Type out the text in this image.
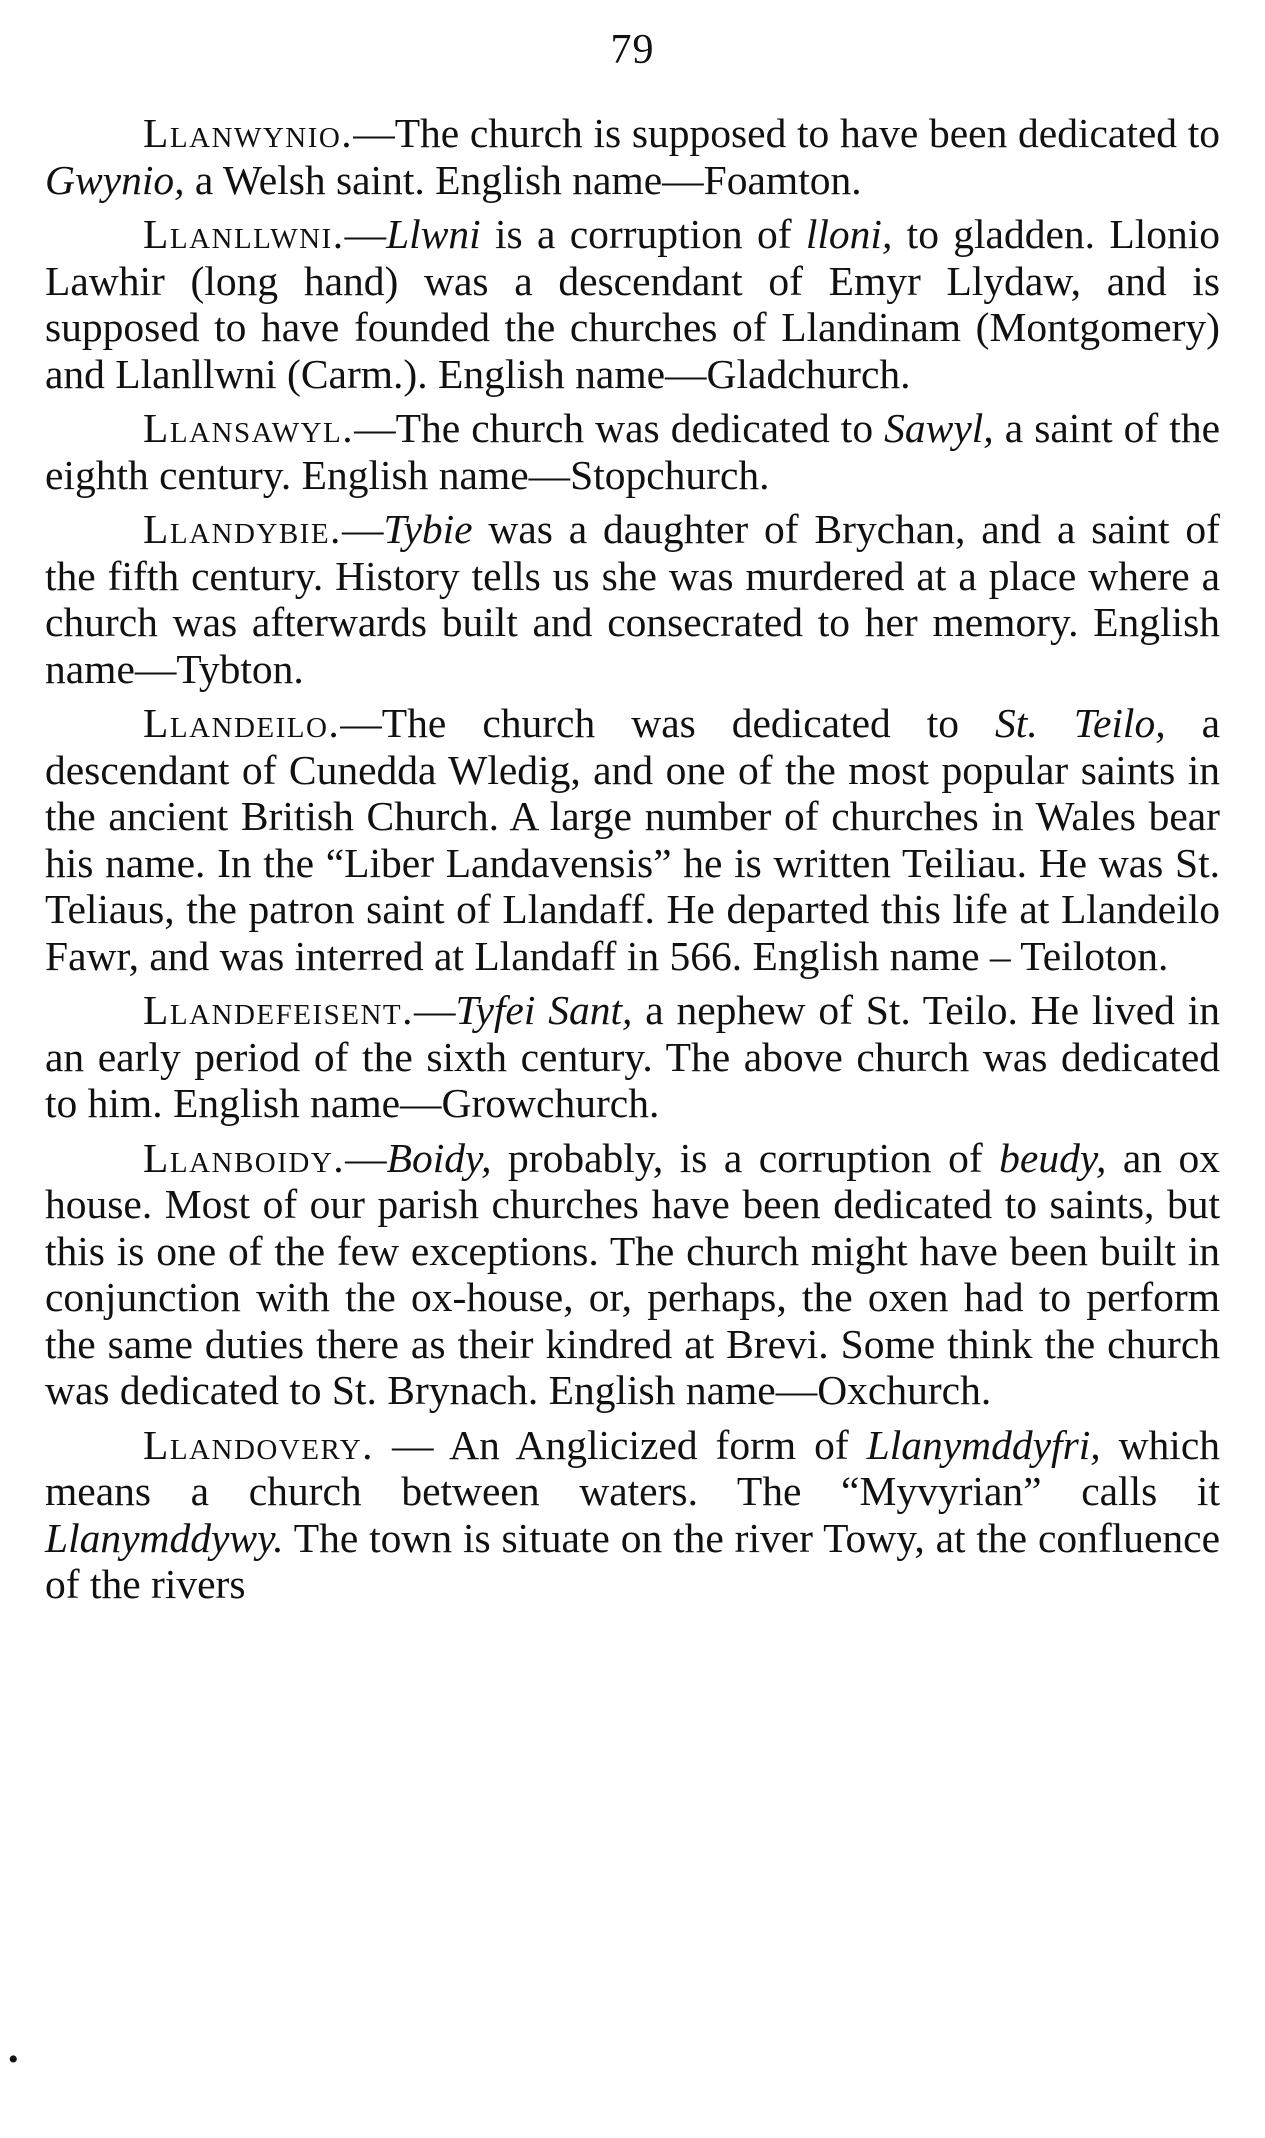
79

Llanwynio.—The church is supposed to have been dedicated to Gwynio, a Welsh saint. English name—Foamton.

Llanllwni.—Llwni is a corruption of lloni, to gladden. Llonio Lawhir (long hand) was a descendant of Emyr Llydaw, and is supposed to have founded the churches of Llandinam (Montgomery) and Llanllwni (Carm.). English name—Gladchurch.

Llansawyl.—The church was dedicated to Sawyl, a saint of the eighth century. English name—Stopchurch.

Llandybie.—Tybie was a daughter of Brychan, and a saint of the fifth century. History tells us she was murdered at a place where a church was afterwards built and consecrated to her memory. English name—Tybton.

Llandeilo.—The church was dedicated to St. Teilo, a descendant of Cunedda Wledig, and one of the most popular saints in the ancient British Church. A large number of churches in Wales bear his name. In the “Liber Landavensis” he is written Teiliau. He was St. Teliaus, the patron saint of Llandaff. He departed this life at Llandeilo Fawr, and was interred at Llandaff in 566. English name – Teiloton.

Llandefeisent.—Tyfei Sant, a nephew of St. Teilo. He lived in an early period of the sixth century. The above church was dedicated to him. English name—Growchurch.

Llanboidy.—Boidy, probably, is a corruption of beudy, an ox house. Most of our parish churches have been dedicated to saints, but this is one of the few exceptions. The church might have been built in conjunction with the ox-house, or, perhaps, the oxen had to perform the same duties there as their kindred at Brevi. Some think the church was dedicated to St. Brynach. English name—Oxchurch.

Llandovery. — An Anglicized form of Llanymddyfri, which means a church between waters. The “Myvyrian” calls it Llanymddywy. The town is situate on the river Towy, at the confluence of the rivers

•
